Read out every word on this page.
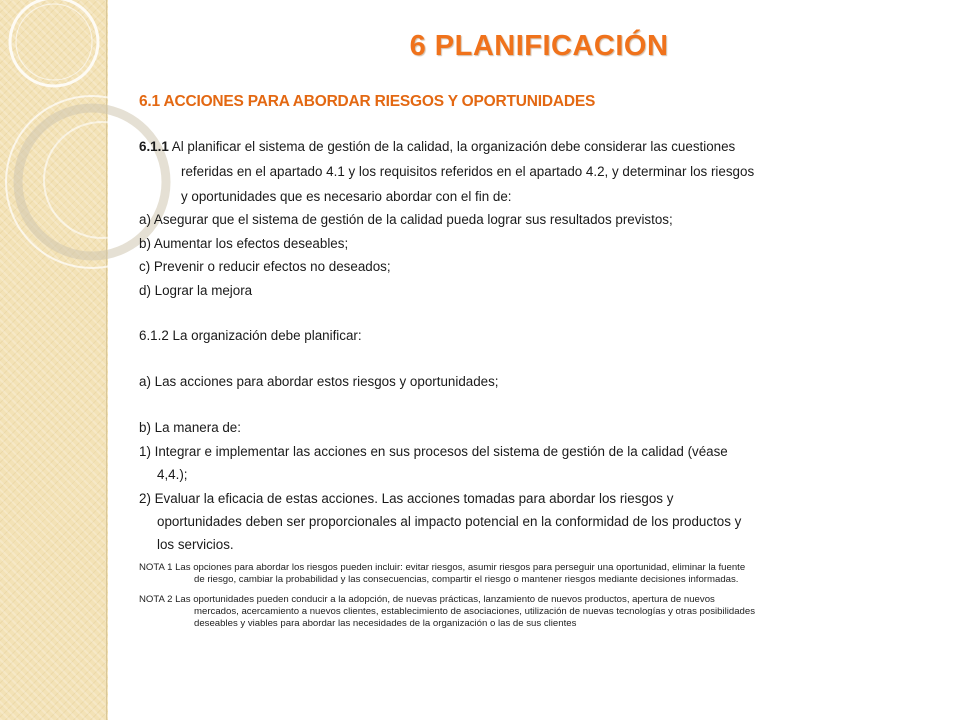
6 PLANIFICACIÓN
6.1 ACCIONES PARA ABORDAR RIESGOS Y OPORTUNIDADES
6.1.1 Al planificar el sistema de gestión de la calidad, la organización debe considerar las cuestiones
referidas en el apartado 4.1 y los requisitos referidos en el apartado 4.2, y determinar los riesgos
y oportunidades que es necesario abordar con el fin de:
a) Asegurar que el sistema de gestión de la calidad pueda lograr sus resultados previstos;
b) Aumentar los efectos deseables;
c) Prevenir o reducir efectos no deseados;
d) Lograr la mejora
6.1.2 La organización debe planificar:
a) Las acciones para abordar estos riesgos y oportunidades;
b) La manera de:
1) Integrar e implementar las acciones en sus procesos del sistema de gestión de la calidad (véase
4,4.);
2) Evaluar la eficacia de estas acciones. Las acciones tomadas para abordar los riesgos y
oportunidades deben ser proporcionales al impacto potencial en la conformidad de los productos y
los servicios.
NOTA 1 Las opciones para abordar los riesgos pueden incluir: evitar riesgos, asumir riesgos para perseguir una oportunidad, eliminar la fuente
de riesgo, cambiar la probabilidad y las consecuencias, compartir el riesgo o mantener riesgos mediante decisiones informadas.
NOTA 2 Las oportunidades pueden conducir a la adopción, de nuevas prácticas, lanzamiento de nuevos productos, apertura de nuevos
mercados, acercamiento a nuevos clientes, establecimiento de asociaciones, utilización de nuevas tecnologías y otras posibilidades
deseables y viables para abordar las necesidades de la organización o las de sus clientes
